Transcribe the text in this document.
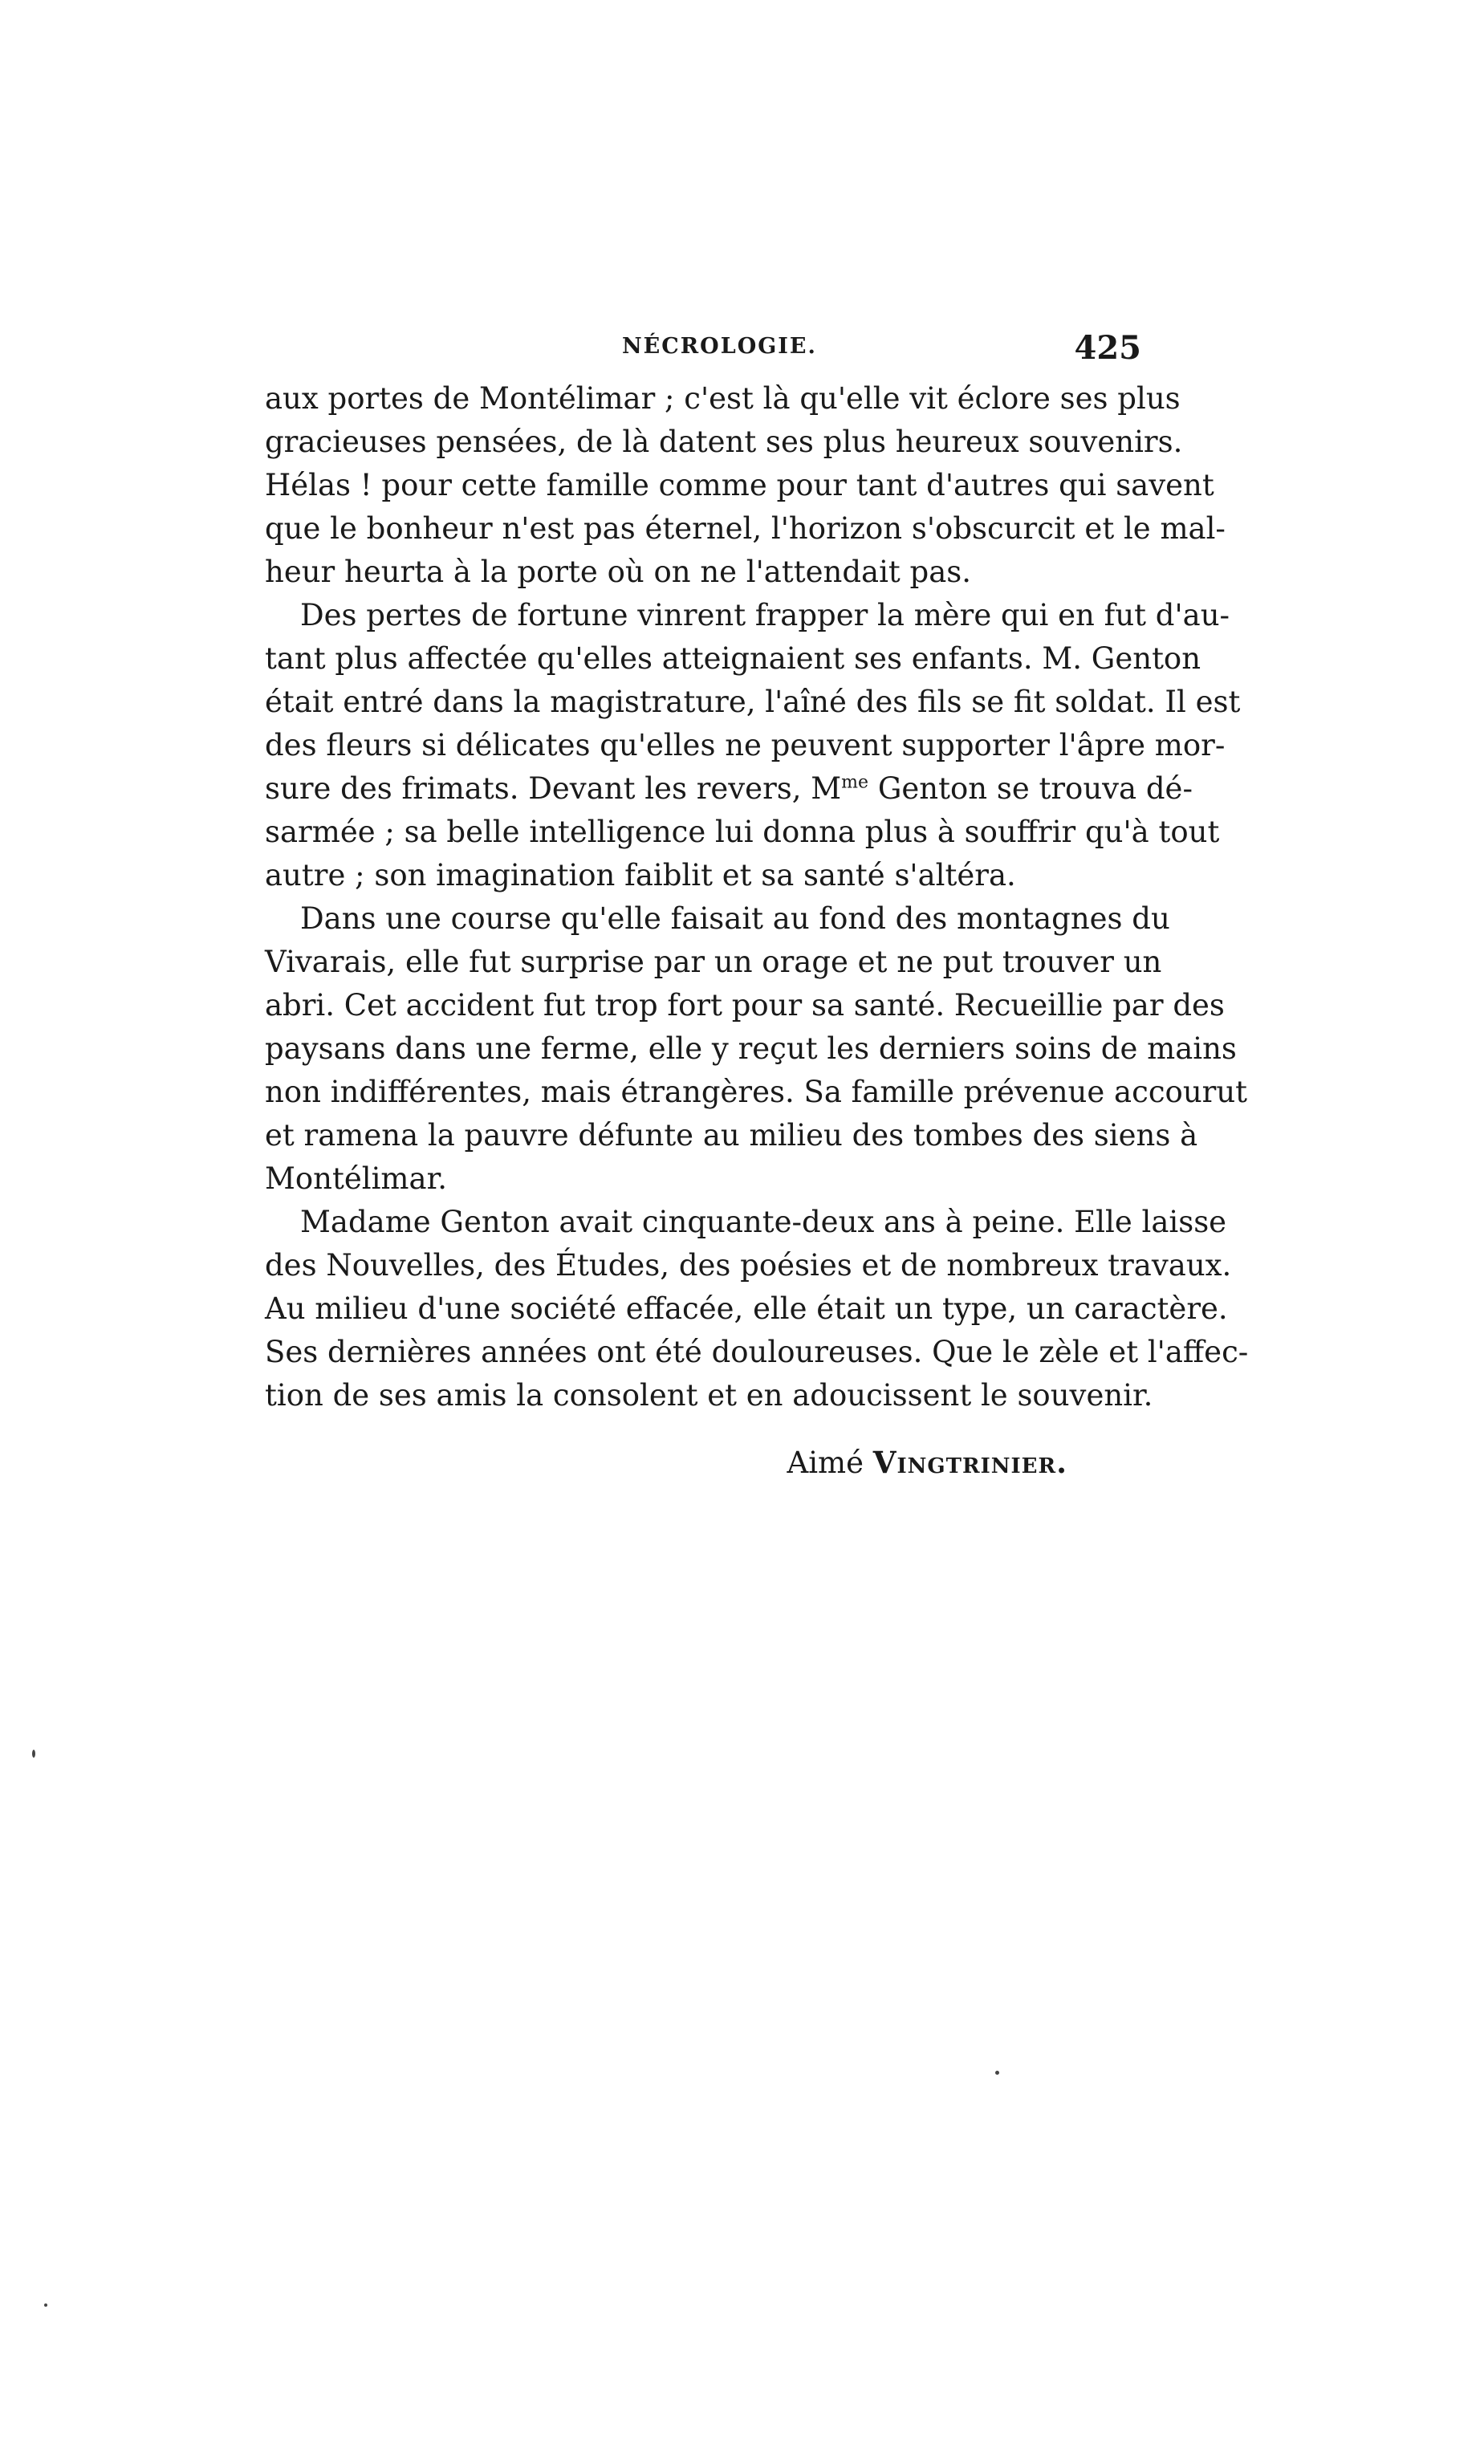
NÉCROLOGIE.	425

aux portes de Montélimar ; c'est là qu'elle vit éclore ses plus
gracieuses pensées, de là datent ses plus heureux souvenirs.
Hélas ! pour cette famille comme pour tant d'autres qui savent
que le bonheur n'est pas éternel, l'horizon s'obscurcit et le mal-
heur heurta à la porte où on ne l'attendait pas.

Des pertes de fortune vinrent frapper la mère qui en fut d'au-
tant plus affectée qu'elles atteignaient ses enfants. M. Genton
était entré dans la magistrature, l'aîné des fils se fit soldat. Il est
des fleurs si délicates qu'elles ne peuvent supporter l'âpre mor-
sure des frimats. Devant les revers, $M^{me}$ Genton se trouva dé-
sarmée ; sa belle intelligence lui donna plus à souffrir qu'à tout
autre ; son imagination faiblit et sa santé s'altéra.

Dans une course qu'elle faisait au fond des montagnes du
Vivarais, elle fut surprise par un orage et ne put trouver un
abri. Cet accident fut trop fort pour sa santé. Recueillie par des
paysans dans une ferme, elle y reçut les derniers soins de mains
non indifférentes, mais étrangères. Sa famille prévenue accourut
et ramena la pauvre défunte au milieu des tombes des siens à
Montélimar.

Madame Genton avait cinquante-deux ans à peine. Elle laisse
des Nouvelles, des Études, des poésies et de nombreux travaux.
Au milieu d'une société effacée, elle était un type, un caractère.
Ses dernières années ont été douloureuses. Que le zèle et l'affec-
tion de ses amis la consolent et en adoucissent le souvenir.

Aimé Vingtrinier.
